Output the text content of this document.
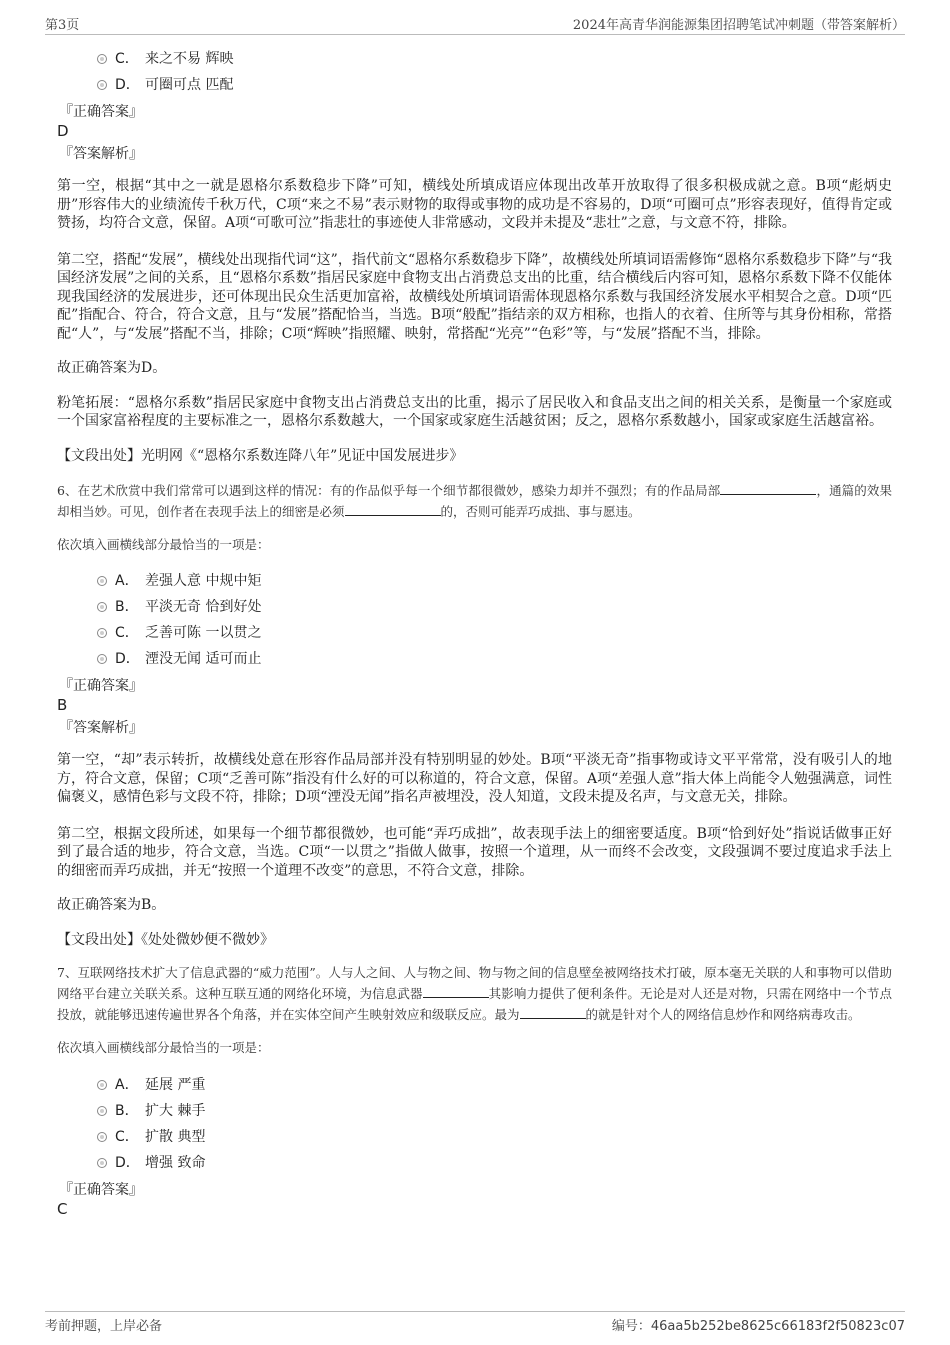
第3页	2024年高青华润能源集团招聘笔试冲刺题（带答案解析）
C． 来之不易 辉映
D． 可圈可点 匹配
『正确答案』
D
『答案解析』

第一空，根据“其中之一就是恩格尔系数稳步下降”可知，横线处所填成语应体现出改革开放取得了很多积极成就之意。B项“彪炳史册”形容伟大的业绩流传千秋万代，C项“来之不易”表示财物的取得或事物的成功是不容易的，D项“可圈可点”形容表现好，值得肯定或赞扬，均符合文意，保留。A项“可歌可泣”指悲壮的事迹使人非常感动，文段并未提及“悲壮”之意，与文意不符，排除。

第二空，搭配“发展”，横线处出现指代词“这”，指代前文“恩格尔系数稳步下降”，故横线处所填词语需修饰“恩格尔系数稳步下降”与“我国经济发展”之间的关系，且“恩格尔系数”指居民家庭中食物支出占消费总支出的比重，结合横线后内容可知，恩格尔系数下降不仅能体现我国经济的发展进步，还可体现出民众生活更加富裕，故横线处所填词语需体现恩格尔系数与我国经济发展水平相契合之意。D项“匹配”指配合、符合，符合文意，且与“发展”搭配恰当，当选。B项“般配”指结亲的双方相称，也指人的衣着、住所等与其身份相称，常搭配“人”，与“发展”搭配不当，排除；C项“辉映”指照耀、映射，常搭配“光亮”“色彩”等，与“发展”搭配不当，排除。

故正确答案为D。

粉笔拓展：“恩格尔系数”指居民家庭中食物支出占消费总支出的比重，揭示了居民收入和食品支出之间的相关关系，是衡量一个家庭或一个国家富裕程度的主要标准之一，恩格尔系数越大，一个国家或家庭生活越贫困；反之，恩格尔系数越小，国家或家庭生活越富裕。

【文段出处】光明网《“恩格尔系数连降八年”见证中国发展进步》

6、在艺术欣赏中我们常常可以遇到这样的情况：有的作品似乎每一个细节都很微妙，感染力却并不强烈；有的作品局部	，通篇的效果却相当妙。可见，创作者在表现手法上的细密是必须	的，否则可能弄巧成拙、事与愿违。

依次填入画横线部分最恰当的一项是：

A． 差强人意 中规中矩
B． 平淡无奇 恰到好处
C． 乏善可陈 一以贯之
D． 湮没无闻 适可而止
『正确答案』
B
『答案解析』

第一空，“却”表示转折，故横线处意在形容作品局部并没有特别明显的妙处。B项“平淡无奇”指事物或诗文平平常常，没有吸引人的地方，符合文意，保留；C项“乏善可陈”指没有什么好的可以称道的，符合文意，保留。A项“差强人意”指大体上尚能令人勉强满意，词性偏褒义，感情色彩与文段不符，排除；D项“湮没无闻”指名声被埋没，没人知道，文段未提及名声，与文意无关，排除。

第二空，根据文段所述，如果每一个细节都很微妙，也可能“弄巧成拙”，故表现手法上的细密要适度。B项“恰到好处”指说话做事正好到了最合适的地步，符合文意，当选。C项“一以贯之”指做人做事，按照一个道理，从一而终不会改变，文段强调不要过度追求手法上的细密而弄巧成拙，并无“按照一个道理不改变”的意思，不符合文意，排除。

故正确答案为B。

【文段出处】《处处微妙便不微妙》

7、互联网络技术扩大了信息武器的“威力范围”。人与人之间、人与物之间、物与物之间的信息壁垒被网络技术打破，原本毫无关联的人和事物可以借助网络平台建立关联关系。这种互联互通的网络化环境，为信息武器	其影响力提供了便利条件。无论是对人还是对物，只需在网络中一个节点投放，就能够迅速传遍世界各个角落，并在实体空间产生映射效应和级联反应。最为	的就是针对个人的网络信息炒作和网络病毒攻击。

依次填入画横线部分最恰当的一项是：

A． 延展 严重
B． 扩大 棘手
C． 扩散 典型
D． 增强 致命
『正确答案』
C
考前押题，上岸必备	编号：46aa5b252be8625c66183f2f50823c07
